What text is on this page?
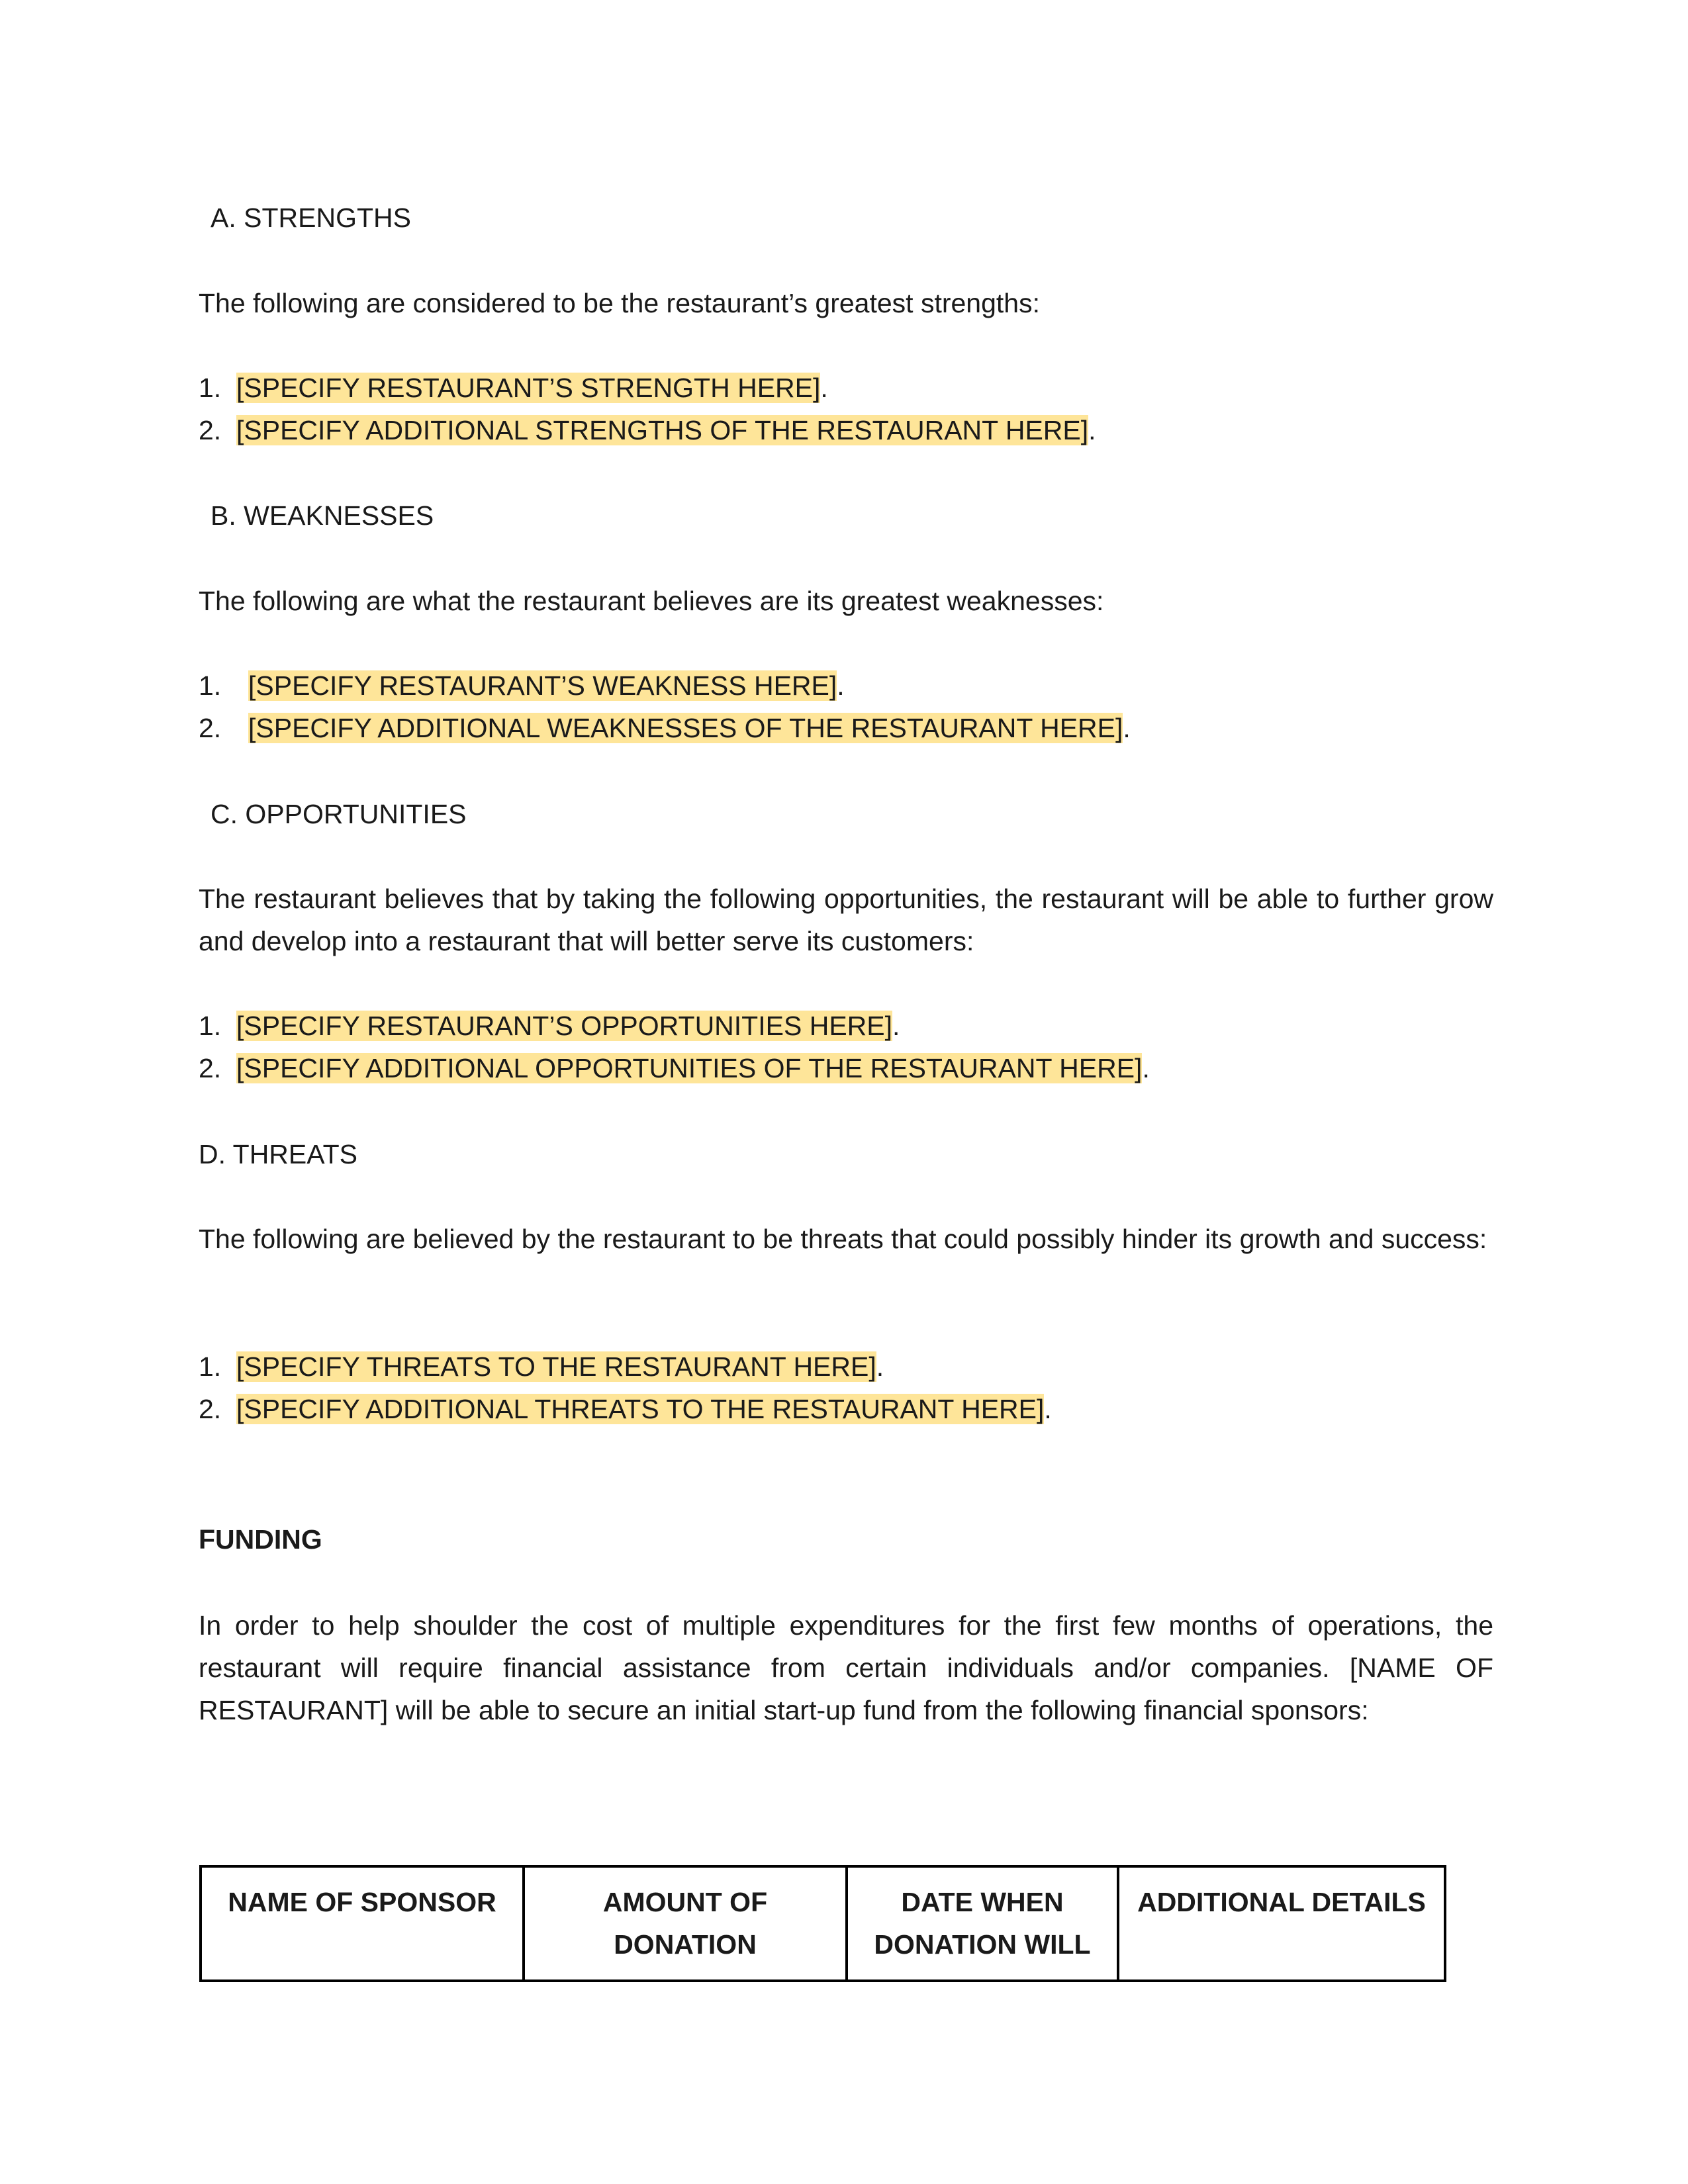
A. STRENGTHS
The following are considered to be the restaurant’s greatest strengths:
1. [SPECIFY RESTAURANT’S STRENGTH HERE].
2. [SPECIFY ADDITIONAL STRENGTHS OF THE RESTAURANT HERE].
B. WEAKNESSES
The following are what the restaurant believes are its greatest weaknesses:
1. [SPECIFY RESTAURANT’S WEAKNESS HERE].
2. [SPECIFY ADDITIONAL WEAKNESSES OF THE RESTAURANT HERE].
C. OPPORTUNITIES
The restaurant believes that by taking the following opportunities, the restaurant will be able to further grow and develop into a restaurant that will better serve its customers:
1. [SPECIFY RESTAURANT’S OPPORTUNITIES HERE].
2. [SPECIFY ADDITIONAL OPPORTUNITIES OF THE RESTAURANT HERE].
D. THREATS
The following are believed by the restaurant to be threats that could possibly hinder its growth and success:
1. [SPECIFY THREATS TO THE RESTAURANT HERE].
2. [SPECIFY ADDITIONAL THREATS TO THE RESTAURANT HERE].
FUNDING
In order to help shoulder the cost of multiple expenditures for the first few months of operations, the restaurant will require financial assistance from certain individuals and/or companies. [NAME OF RESTAURANT] will be able to secure an initial start-up fund from the following financial sponsors:
NAME OF SPONSOR	AMOUNT OF DONATION	DATE WHEN DONATION WILL	ADDITIONAL DETAILS
